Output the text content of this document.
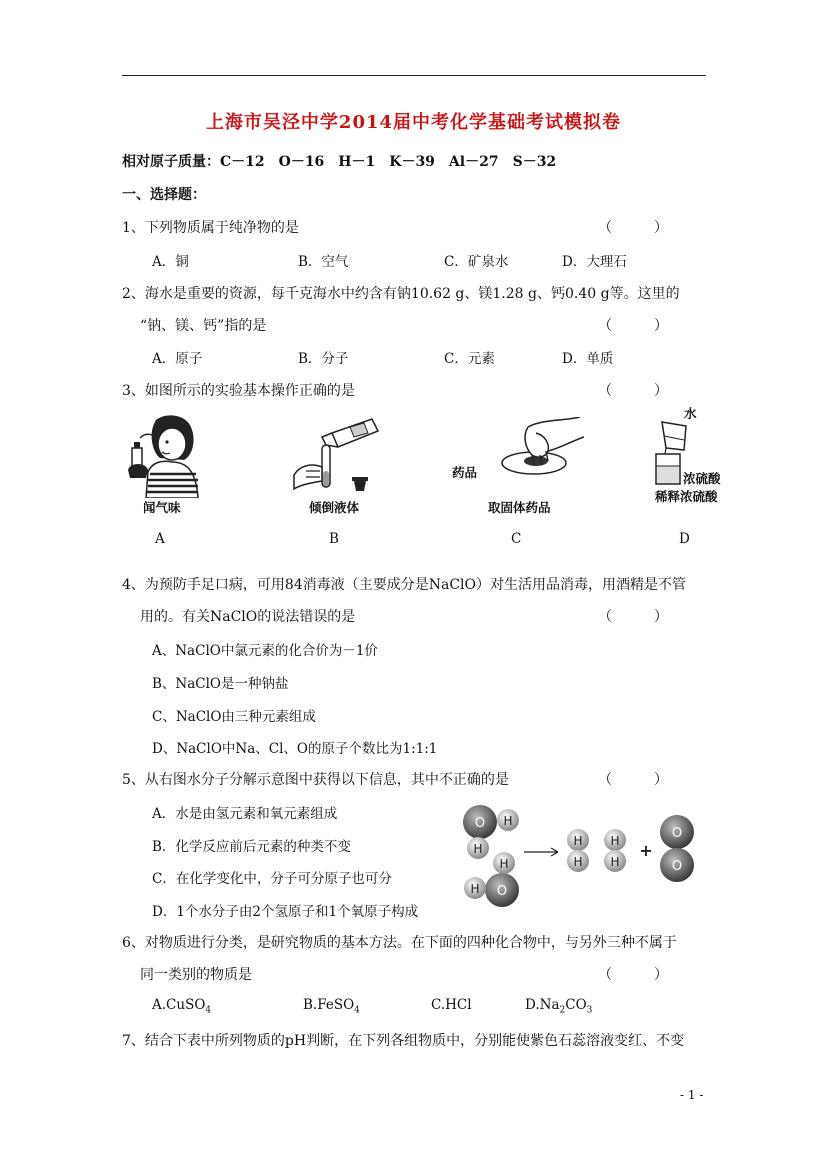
上海市吴泾中学2014届中考化学基础考试模拟卷
相对原子质量：C－12　O－16　H－1　K－39　Al－27　S－32
一、选择题：
1、下列物质属于纯净物的是	（　　　）
A．铜	B．空气	C．矿泉水	D．大理石
2、海水是重要的资源，每千克海水中约含有钠10.62 g、镁1.28 g、钙0.40 g等。这里的
“钠、镁、钙”指的是	（　　　）
A．原子	B．分子	C．元素	D．单质
3、如图所示的实验基本操作正确的是	（　　　）
闻气味	倾倒液体
药品
取固体药品
水
浓硫酸
稀释浓硫酸
A	B	C	D
4、为预防手足口病，可用84消毒液（主要成分是NaClO）对生活用品消毒，用酒精是不管
用的。有关NaClO的说法错误的是	（　　　）
A、NaClO中氯元素的化合价为－1价
B、NaClO是一种钠盐
C、NaClO由三种元素组成
D、NaClO中Na、Cl、O的原子个数比为1:1:1
5、从右图水分子分解示意图中获得以下信息，其中不正确的是	（　　　）
A．水是由氢元素和氧元素组成
B．化学反应前后元素的种类不变
C．在化学变化中，分子可分原子也可分
D．1个水分子由2个氢原子和1个氧原子构成
O H
H
O
H
H
H
H
H
H
+
O
O
6、对物质进行分类，是研究物质的基本方法。在下面的四种化合物中，与另外三种不属于
同一类别的物质是	（　　　）
A.CuSO$_4$	B.FeSO$_4$	C.HCl	$D.Na_2CO_3$
7、结合下表中所列物质的pH判断，在下列各组物质中，分别能使紫色石蕊溶液变红、不变
- 1 -
